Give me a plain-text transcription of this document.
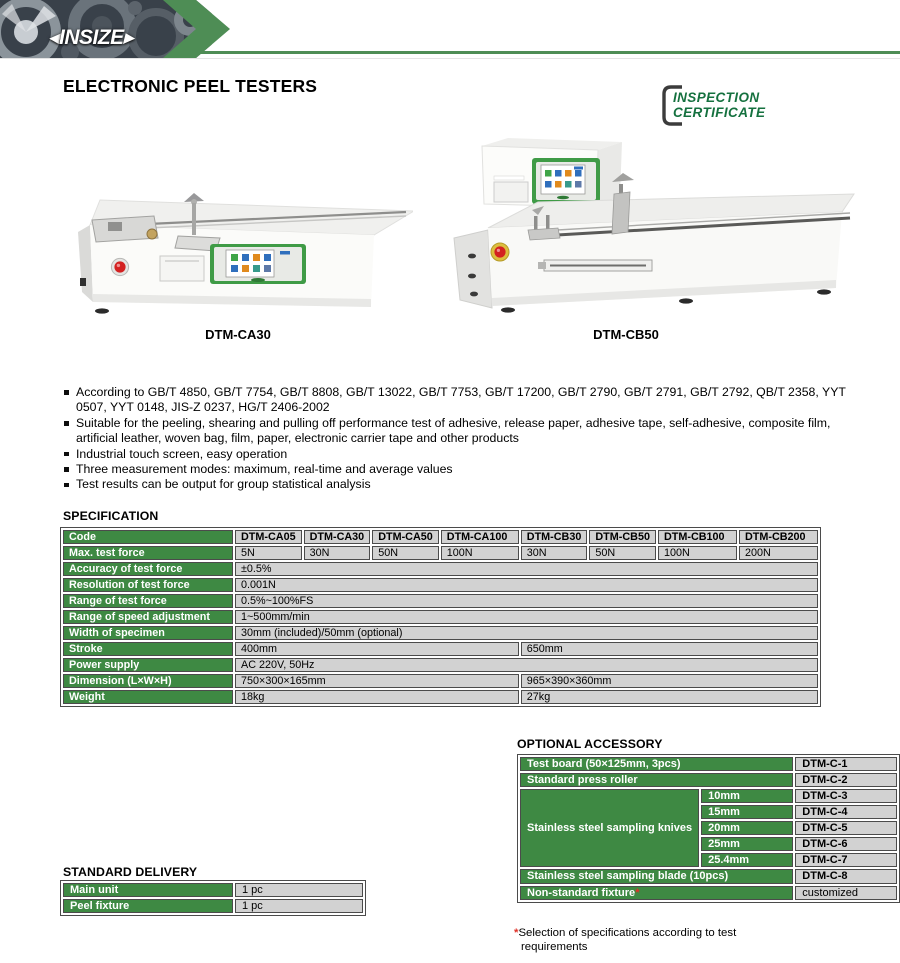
◀INSIZE▶
ELECTRONIC PEEL TESTERS
INSPECTION
CERTIFICATE
DTM-CA30	DTM-CB50
According to GB/T 4850, GB/T 7754, GB/T 8808, GB/T 13022, GB/T 7753, GB/T 17200, GB/T 2790, GB/T 2791, GB/T 2792, QB/T 2358, YYT 0507, YYT 0148, JIS-Z 0237, HG/T 2406-2002
Suitable for the peeling, shearing and pulling off performance test of adhesive, release paper, adhesive tape, self-adhesive, composite film, artificial leather, woven bag, film, paper, electronic carrier tape and other products
Industrial touch screen, easy operation
Three measurement modes: maximum, real-time and average values
Test results can be output for group statistical analysis
SPECIFICATION
Code	DTM-CA05	DTM-CA30	DTM-CA50	DTM-CA100	DTM-CB30	DTM-CB50	DTM-CB100	DTM-CB200
Max. test force	5N	30N	50N	100N	30N	50N	100N	200N
Accuracy of test force	±0.5%							
Resolution of test force	0.001N							
Range of test force	0.5%~100%FS							
Range of speed adjustment	1~500mm/min							
Width of specimen	30mm (included)/50mm (optional)							
Stroke	400mm				650mm			
Power supply	AC 220V, 50Hz							
Dimension (L×W×H)	750×300×165mm				965×390×360mm			
Weight	18kg				27kg			
OPTIONAL ACCESSORY
Test board (50×125mm, 3pcs)		DTM-C-1
Standard press roller		DTM-C-2
Stainless steel sampling knives	10mm	DTM-C-3
	15mm	DTM-C-4
	20mm	DTM-C-5
	25mm	DTM-C-6
	25.4mm	DTM-C-7
Stainless steel sampling blade (10pcs)		DTM-C-8
Non-standard fixture*		customized
STANDARD DELIVERY
Main unit	1 pc
Peel fixture	1 pc

*Selection of specifications according to test requirements
